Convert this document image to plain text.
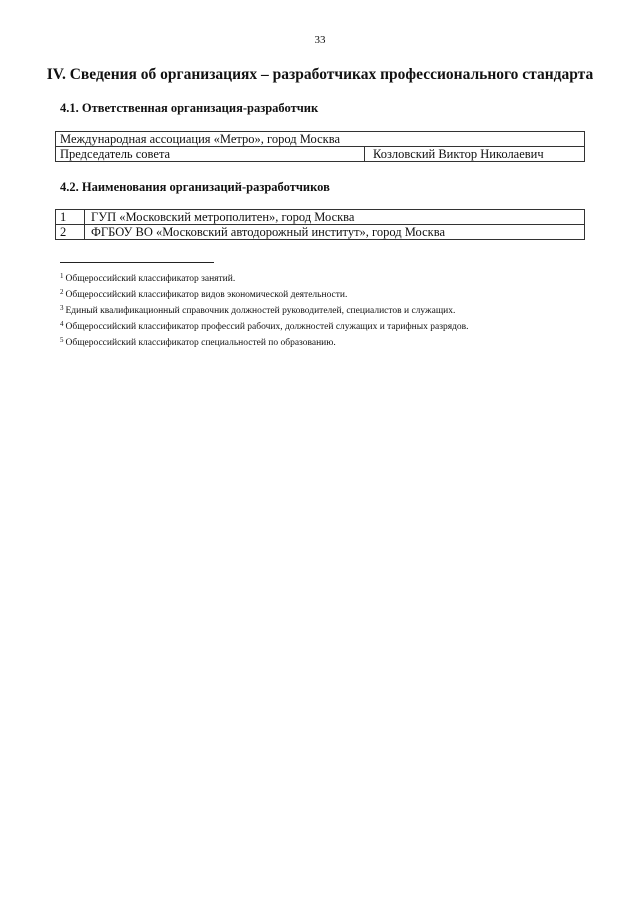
33
IV. Сведения об организациях – разработчиках профессионального стандарта
4.1. Ответственная организация-разработчик
Международная ассоциация «Метро», город Москва
Председатель совета	Козловский Виктор Николаевич
4.2. Наименования организаций-разработчиков
1	ГУП «Московский метрополитен», город Москва
2	ФГБОУ ВО «Московский автодорожный институт», город Москва
$^1$ Общероссийский классификатор занятий.
$^2$ Общероссийский классификатор видов экономической деятельности.
$^3$ Единый квалификационный справочник должностей руководителей, специалистов и служащих.
$^4$ Общероссийский классификатор профессий рабочих, должностей служащих и тарифных разрядов.
$^5$ Общероссийский классификатор специальностей по образованию.
